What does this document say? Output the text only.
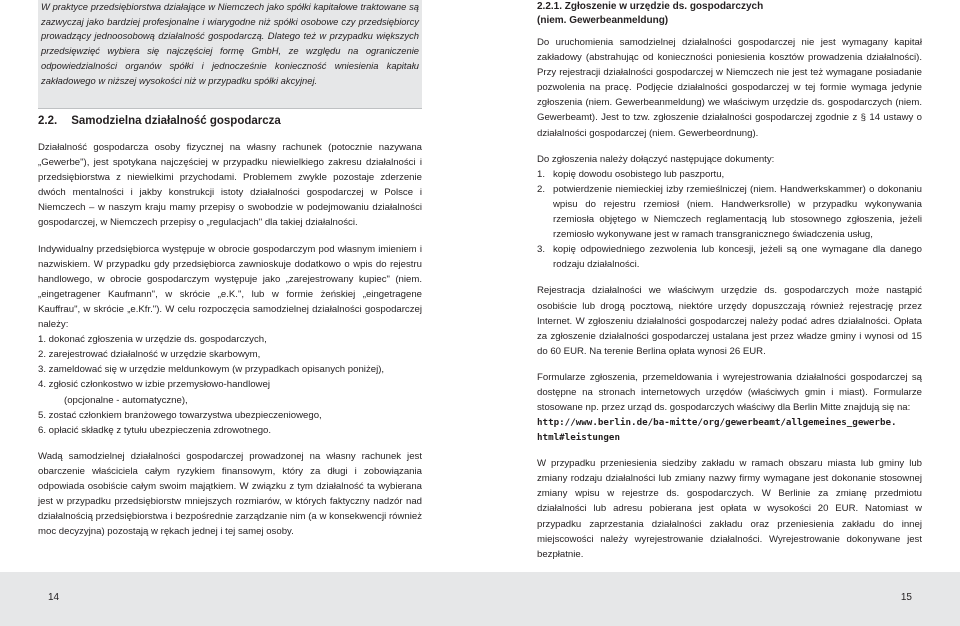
W praktyce przedsiębiorstwa działające w Niemczech jako spółki kapitałowe traktowane są zazwyczaj jako bardziej profesjonalne i wiarygodne niż spółki osobowe czy przedsiębiorcy prowadzący jednoosobową działalność gospodarczą. Dlatego też w przypadku większych przedsięwzięć wybiera się najczęściej formę GmbH, ze względu na ograniczenie odpowiedzialności organów spółki i jednocześnie konieczność wniesienia kapitału zakładowego w niższej wysokości niż w przypadku spółki akcyjnej.

2.2. Samodzielna działalność gospodarcza

Działalność gospodarcza osoby fizycznej na własny rachunek (potocznie nazywana „Gewerbe"), jest spotykana najczęściej w przypadku niewielkiego zakresu działalności i przedsiębiorstwa z niewielkimi przychodami. Problemem zwykle pozostaje zderzenie dwóch mentalności i jakby konstrukcji istoty działalności gospodarczej w Polsce i Niemczech – w naszym kraju mamy przepisy o swobodzie w podejmowaniu działalności gospodarczej, w Niemczech przepisy o „regulacjach" dla takiej działalności.

Indywidualny przedsiębiorca występuje w obrocie gospodarczym pod własnym imieniem i nazwiskiem. W przypadku gdy przedsiębiorca zawnioskuje dodatkowo o wpis do rejestru handlowego, w obrocie gospodarczym występuje jako „zarejestrowany kupiec" (niem. „eingetragener Kaufmann", w skrócie „e.K.", lub w formie żeńskiej „eingetragene Kauffrau", w skrócie „e.Kfr."). W celu rozpoczęcia samodzielnej działalności gospodarczej należy:

1. dokonać zgłoszenia w urzędzie ds. gospodarczych,
2. zarejestrować działalność w urzędzie skarbowym,
3. zameldować się w urzędzie meldunkowym (w przypadkach opisanych poniżej),
4. zgłosić członkostwo w izbie przemysłowo-handlowej
(opcjonalne - automatyczne),
5. zostać członkiem branżowego towarzystwa ubezpieczeniowego,
6. opłacić składkę z tytułu ubezpieczenia zdrowotnego.

Wadą samodzielnej działalności gospodarczej prowadzonej na własny rachunek jest obarczenie właściciela całym ryzykiem finansowym, który za długi i zobowiązania odpowiada osobiście całym swoim majątkiem. W związku z tym działalność ta wybierana jest w przypadku przedsiębiorstw mniejszych rozmiarów, w których faktyczny nadzór nad działalnością przedsiębiorstwa i bezpośrednie zarządzanie nim (a w konsekwencji również moc decyzyjna) pozostają w rękach jednej i tej samej osoby.

14
2.2.1. Zgłoszenie w urzędzie ds. gospodarczych
(niem. Gewerbeanmeldung)

Do uruchomienia samodzielnej działalności gospodarczej nie jest wymagany kapitał zakładowy (abstrahując od konieczności poniesienia kosztów prowadzenia działalności). Przy rejestracji działalności gospodarczej w Niemczech nie jest też wymagane posiadanie pozwolenia na pracę. Podjęcie działalności gospodarczej w tej formie wymaga jedynie zgłoszenia (niem. Gewerbeanmeldung) we właściwym urzędzie ds. gospodarczych (niem. Gewerbeamt). Jest to tzw. zgłoszenie działalności gospodarczej zgodnie z § 14 ustawy o działalności gospodarczej (niem. Gewerbeordnung).

Do zgłoszenia należy dołączyć następujące dokumenty:

1. kopię dowodu osobistego lub paszportu,
2. potwierdzenie niemieckiej izby rzemieślniczej (niem. Handwerkskammer) o dokonaniu wpisu do rejestru rzemiosł (niem. Handwerksrolle) w przypadku wykonywania rzemiosła objętego w Niemczech reglamentacją lub stosownego zgłoszenia, jeżeli rzemiosło wykonywane jest w ramach transgranicznego świadczenia usług,
3. kopię odpowiedniego zezwolenia lub koncesji, jeżeli są one wymagane dla danego rodzaju działalności.

Rejestracja działalności we właściwym urzędzie ds. gospodarczych może nastąpić osobiście lub drogą pocztową, niektóre urzędy dopuszczają również rejestrację przez Internet. W zgłoszeniu działalności gospodarczej należy podać adres działalności. Opłata za zgłoszenie działalności gospodarczej ustalana jest przez władze gminy i wynosi od 15 do 60 EUR. Na terenie Berlina opłata wynosi 26 EUR.

Formularze zgłoszenia, przemeldowania i wyrejestrowania działalności gospodarczej są dostępne na stronach internetowych urzędów (właściwych gmin i miast). Formularze stosowane np. przez urząd ds. gospodarczych właściwy dla Berlin Mitte znajdują się na:

http://www.berlin.de/ba-mitte/org/gewerbeamt/allgemeines_gewerbe.
html#leistungen

W przypadku przeniesienia siedziby zakładu w ramach obszaru miasta lub gminy lub zmiany rodzaju działalności lub zmiany nazwy firmy wymagane jest dokonanie stosownej zmiany wpisu w rejestrze ds. gospodarczych. W Berlinie za zmianę przedmiotu działalności lub adresu pobierana jest opłata w wysokości 20 EUR. Natomiast w przypadku zaprzestania działalności zakładu oraz przeniesienia zakładu do innej miejscowości należy wyrejestrowanie działalności. Wyrejestrowanie dokonywane jest bezpłatnie.

15
